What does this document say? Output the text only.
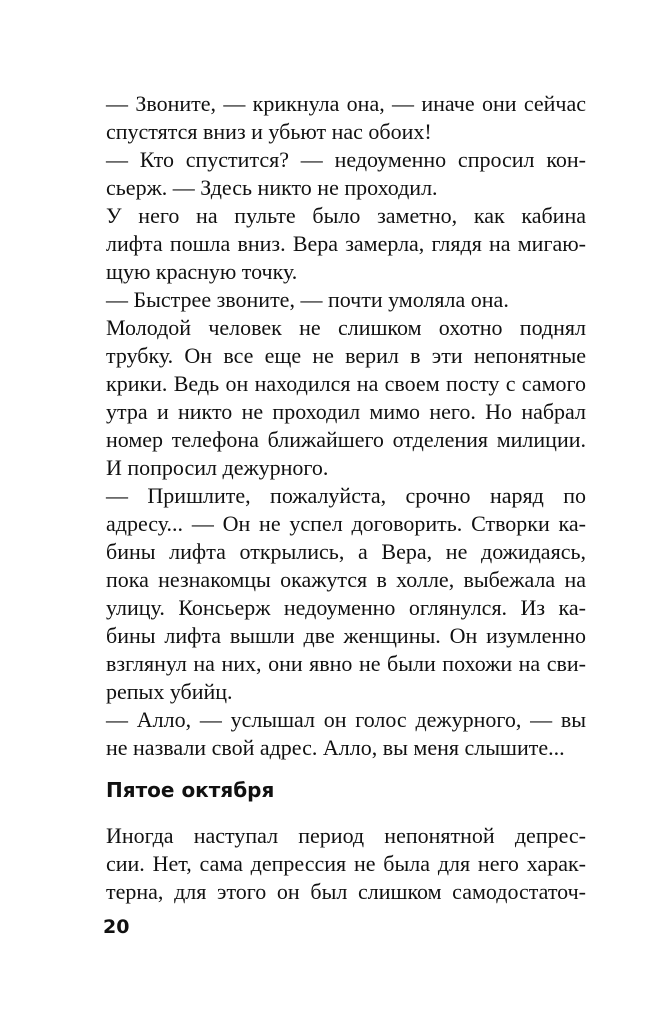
— Звоните, — крикнула она, — иначе они сейчас

спустятся вниз и убьют нас обоих!

— Кто спустится? — недоуменно спросил кон-

сьерж. — Здесь никто не проходил.

У него на пульте было заметно, как кабина

лифта пошла вниз. Вера замерла, глядя на мигаю-

щую красную точку.

— Быстрее звоните, — почти умоляла она.

Молодой человек не слишком охотно поднял

трубку. Он все еще не верил в эти непонятные

крики. Ведь он находился на своем посту с самого

утра и никто не проходил мимо него. Но набрал

номер телефона ближайшего отделения милиции.

И попросил дежурного.

— Пришлите, пожалуйста, срочно наряд по

адресу... — Он не успел договорить. Створки ка-

бины лифта открылись, а Вера, не дожидаясь,

пока незнакомцы окажутся в холле, выбежала на

улицу. Консьерж недоуменно оглянулся. Из ка-

бины лифта вышли две женщины. Он изумленно

взглянул на них, они явно не были похожи на сви-

репых убийц.

— Алло, — услышал он голос дежурного, — вы

не назвали свой адрес. Алло, вы меня слышите...

Пятое октября

Иногда наступал период непонятной депрес-

сии. Нет, сама депрессия не была для него харак-

терна, для этого он был слишком самодостаточ-

20
